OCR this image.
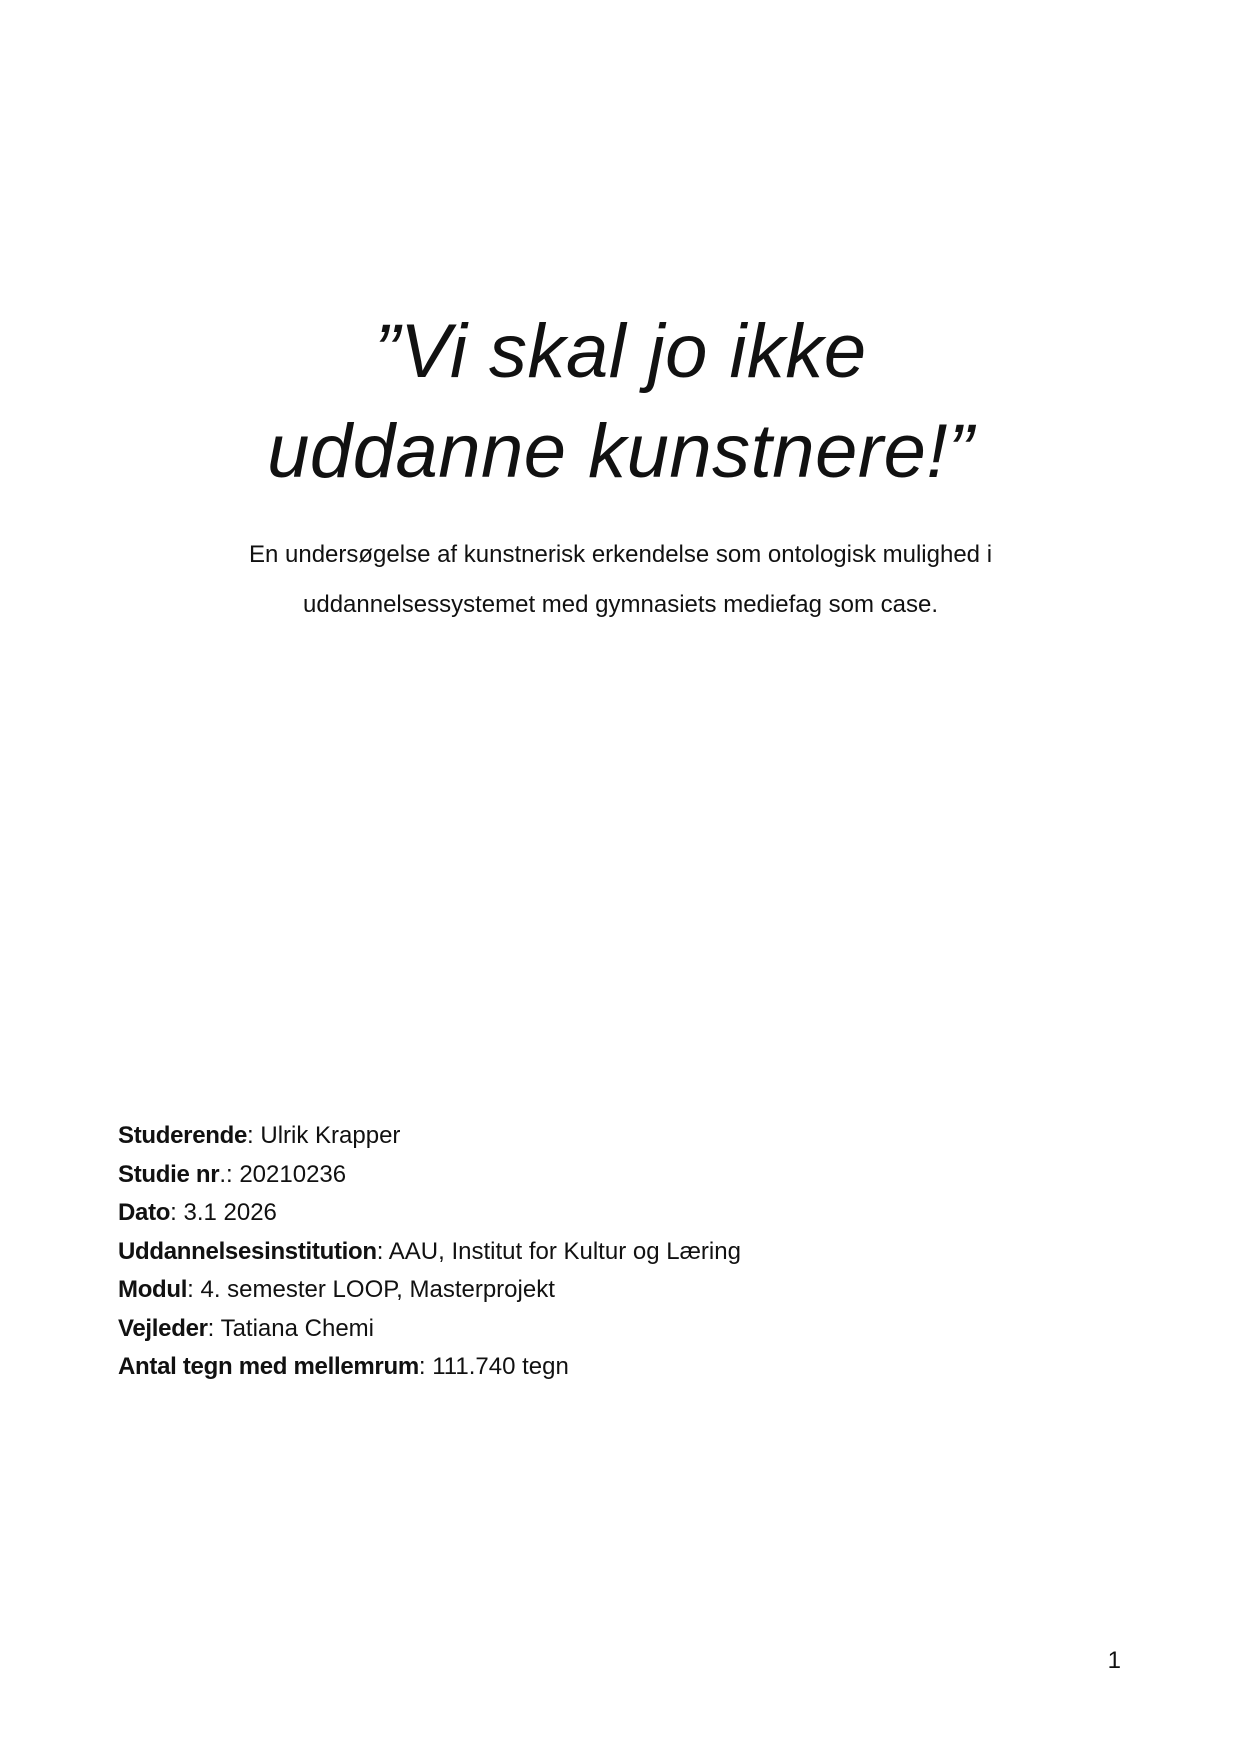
”Vi skal jo ikke
uddanne kunstnere!”

En undersøgelse af kunstnerisk erkendelse som ontologisk mulighed i
uddannelsessystemet med gymnasiets mediefag som case.

Studerende: Ulrik Krapper
Studie nr.: 20210236
Dato: 3.1 2026
Uddannelsesinstitution: AAU, Institut for Kultur og Læring
Modul: 4. semester LOOP, Masterprojekt
Vejleder: Tatiana Chemi
Antal tegn med mellemrum: 111.740 tegn
1
